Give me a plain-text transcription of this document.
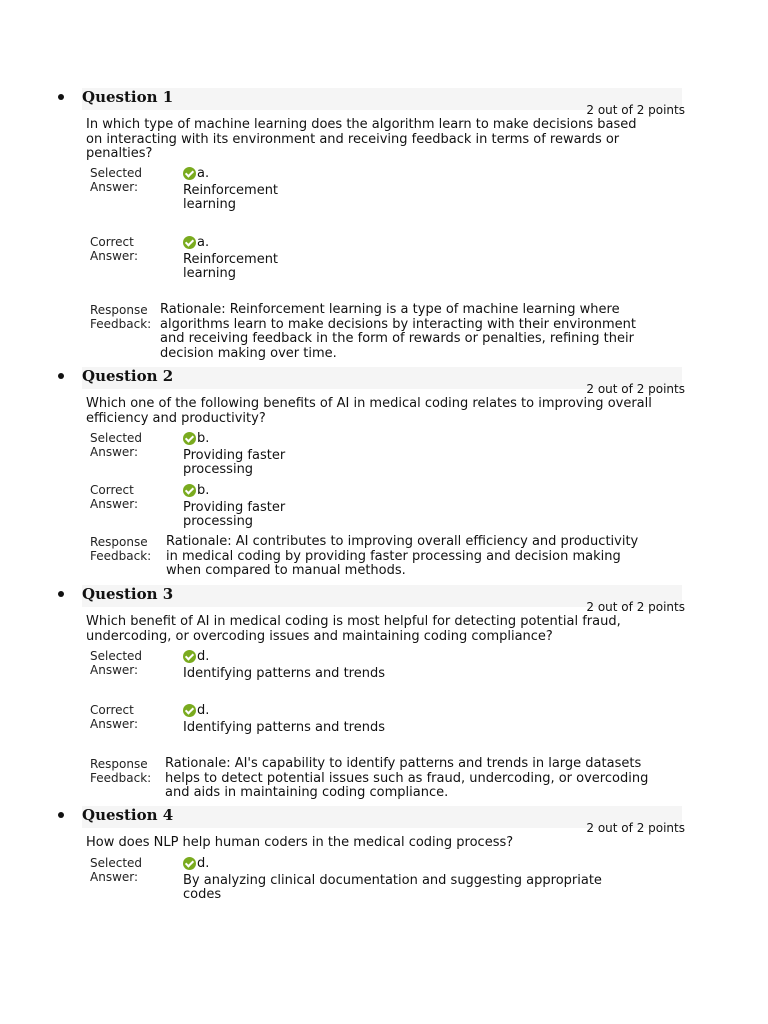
Question 1
2 out of 2 points
In which type of machine learning does the algorithm learn to make decisions based
on interacting with its environment and receiving feedback in terms of rewards or
penalties?
Selected
Answer:
a.
Reinforcement
learning
Correct
Answer:
a.
Reinforcement
learning
Response
Feedback:
Rationale: Reinforcement learning is a type of machine learning where
algorithms learn to make decisions by interacting with their environment
and receiving feedback in the form of rewards or penalties, refining their
decision making over time.
Question 2
2 out of 2 points
Which one of the following benefits of AI in medical coding relates to improving overall
efficiency and productivity?
Selected
Answer:
b.
Providing faster
processing
Correct
Answer:
b.
Providing faster
processing
Response
Feedback:
Rationale: AI contributes to improving overall efficiency and productivity
in medical coding by providing faster processing and decision making
when compared to manual methods.
Question 3
2 out of 2 points
Which benefit of AI in medical coding is most helpful for detecting potential fraud,
undercoding, or overcoding issues and maintaining coding compliance?
Selected
Answer:
d.
Identifying patterns and trends
Correct
Answer:
d.
Identifying patterns and trends
Response
Feedback:
Rationale: AI's capability to identify patterns and trends in large datasets
helps to detect potential issues such as fraud, undercoding, or overcoding
and aids in maintaining coding compliance.
Question 4
2 out of 2 points
How does NLP help human coders in the medical coding process?
Selected
Answer:
d.
By analyzing clinical documentation and suggesting appropriate
codes
